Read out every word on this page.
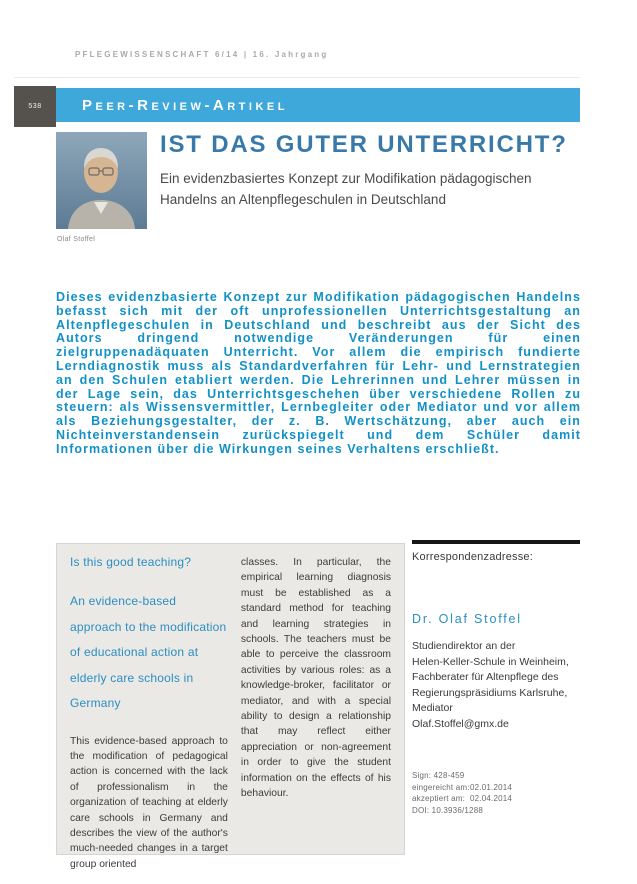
PFLEGEWISSENSCHAFT 6/14 | 16. Jahrgang
538	Peer-Review-Artikel
Olaf Stoffel
IST DAS GUTER UNTERRICHT?
Ein evidenzbasiertes Konzept zur Modifikation pädagogischen Handelns an Altenpflegeschulen in Deutschland
Dieses evidenzbasierte Konzept zur Modifikation pädagogischen Handelns befasst sich mit der oft unprofessionellen Unterrichtsgestaltung an Altenpflegeschulen in Deutschland und beschreibt aus der Sicht des Autors dringend notwendige Veränderungen für einen zielgruppenadäquaten Unterricht. Vor allem die empirisch fundierte Lerndiagnostik muss als Standardverfahren für Lehr- und Lernstrategien an den Schulen etabliert werden. Die Lehrerinnen und Lehrer müssen in der Lage sein, das Unterrichtsgeschehen über verschiedene Rollen zu steuern: als Wissensvermittler, Lernbegleiter oder Mediator und vor allem als Beziehungsgestalter, der z. B. Wertschätzung, aber auch ein Nichteinverstandensein zurückspiegelt und dem Schüler damit Informationen über die Wirkungen seines Verhaltens erschließt.

Is this good teaching?

An evidence-based approach to the modification of educational action at elderly care schools in Germany

This evidence-based approach to the modification of pedagogical action is concerned with the lack of professionalism in the organization of teaching at elderly care schools in Germany and describes the view of the author's much-needed changes in a target group oriented

classes. In particular, the empirical learning diagnosis must be established as a standard method for teaching and learning strategies in schools. The teachers must be able to perceive the classroom activities by various roles: as a knowledge-broker, facilitator or mediator, and with a special ability to design a relationship that may reflect either appreciation or non-agreement in order to give the student information on the effects of his behaviour.

Korrespondenzadresse:
Dr. Olaf Stoffel
Studiendirektor an der
Helen-Keller-Schule in Weinheim,
Fachberater für Altenpflege des
Regierungspräsidiums Karlsruhe,
Mediator
Olaf.Stoffel@gmx.de
Sign: 428-459
eingereicht am: 02.01.2014
akzeptiert am: 02.04.2014
DOI: 10.3936/1288
